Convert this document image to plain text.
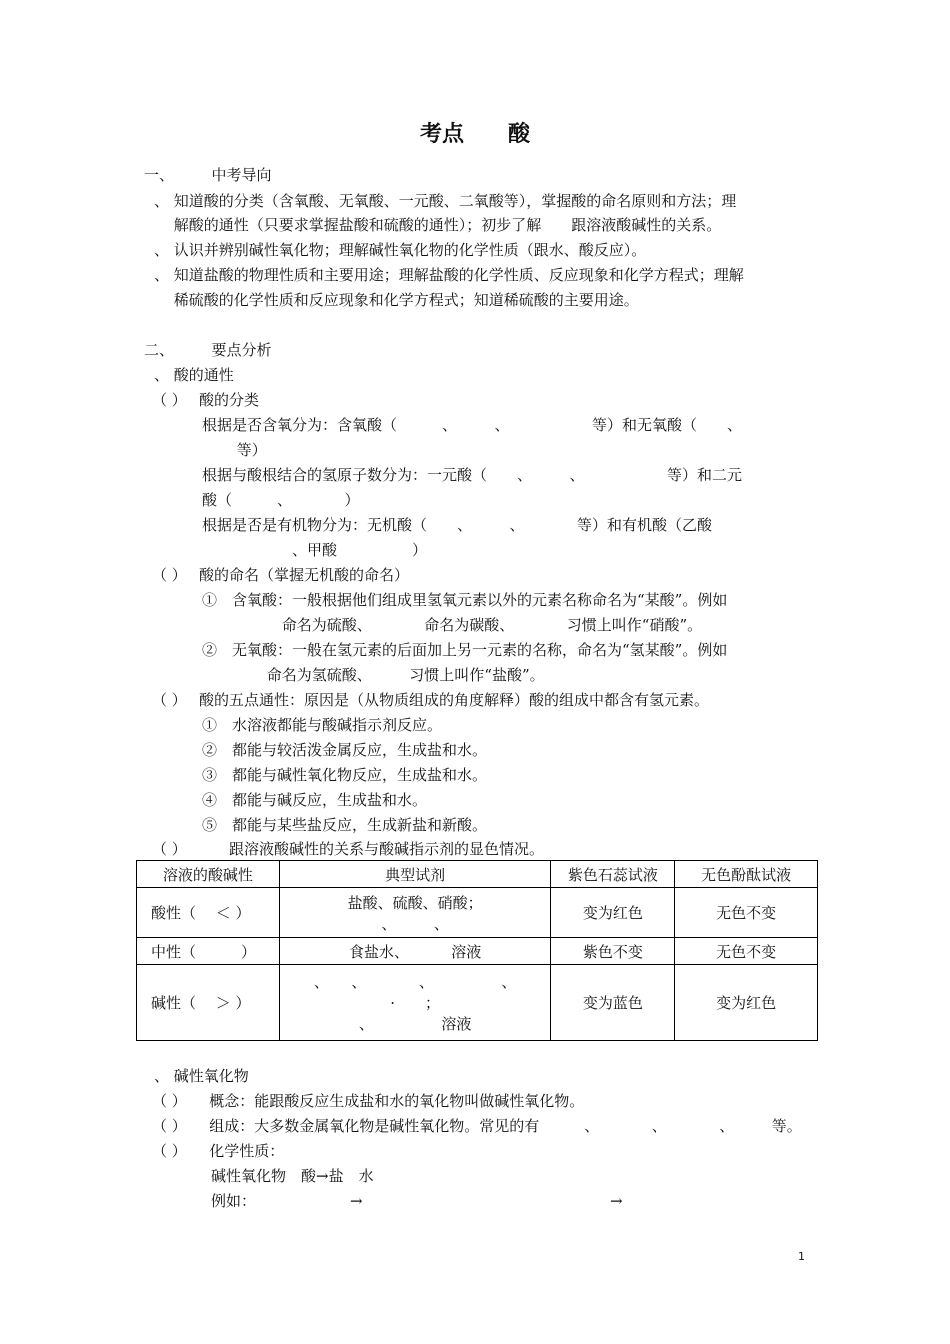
考点　　酸
一、　　　中考导向
、 知道酸的分类（含氧酸、无氧酸、一元酸、二氧酸等），掌握酸的命名原则和方法；理
　 解酸的通性（只要求掌握盐酸和硫酸的通性）；初步了解　　跟溶液酸碱性的关系。
、 认识并辨别碱性氧化物；理解碱性氧化物的化学性质（跟水、酸反应）。
、 知道盐酸的物理性质和主要用途；理解盐酸的化学性质、反应现象和化学方程式；理解
　 稀硫酸的化学性质和反应现象和化学方程式；知道稀硫酸的主要用途。
二、　　　要点分析
、 酸的通性
（ ）　 酸的分类
根据是否含氧分为：含氧酸（　　　、　　　、　　　　　　等）和无氧酸（　　、
　　 等）
根据与酸根结合的氢原子数分为：一元酸（　　、　　　、　　　　　　等）和二元
酸（　　　、　　　　）
根据是否是有机物分为：无机酸（　　、　　　、　　　　等）和有机酸（乙酸
　　　　　　、甲酸　　　　　）
（ ）　 酸的命名（掌握无机酸的命名）
①　含氧酸：一般根据他们组成里氢氧元素以外的元素名称命名为“某酸”。例如
　　　　　 命名为硫酸、　　　　命名为碳酸、　　　　习惯上叫作“硝酸”。
②　无氧酸：一般在氢元素的后面加上另一元素的名称，命名为“氢某酸”。例如
　　　　 命名为氢硫酸、　　　习惯上叫作“盐酸”。
（ ）　 酸的五点通性：原因是（从物质组成的角度解释）酸的组成中都含有氢元素。
①　水溶液都能与酸碱指示剂反应。
②　都能与较活泼金属反应，生成盐和水。
③　都能与碱性氧化物反应，生成盐和水。
④　都能与碱反应，生成盐和水。
⑤　都能与某些盐反应，生成新盐和新酸。
（ ）　　　 跟溶液酸碱性的关系与酸碱指示剂的显色情况。
溶液的酸碱性	典型试剂	紫色石蕊试液	无色酚酞试液
酸性（　 ＜ ）	盐酸、硫酸、硝酸；
、　　　、	变为红色	无色不变
中性（　　　）	食盐水、　　　 溶液	紫色不变	无色不变
碱性（　 ＞ ）	、　　、　　　　、　　　　　、
·　　；
、　　　　　溶液	变为蓝色	变为红色
、 碱性氧化物
（ ）　　概念：能跟酸反应生成盐和水的氧化物叫做碱性氧化物。
（ ）　　组成：大多数金属氧化物是碱性氧化物。常见的有　　　、　　　　、　　　　、　　　等。
（ ）　　化学性质：
碱性氧化物　酸→盐　水
例如：	→	→
1
